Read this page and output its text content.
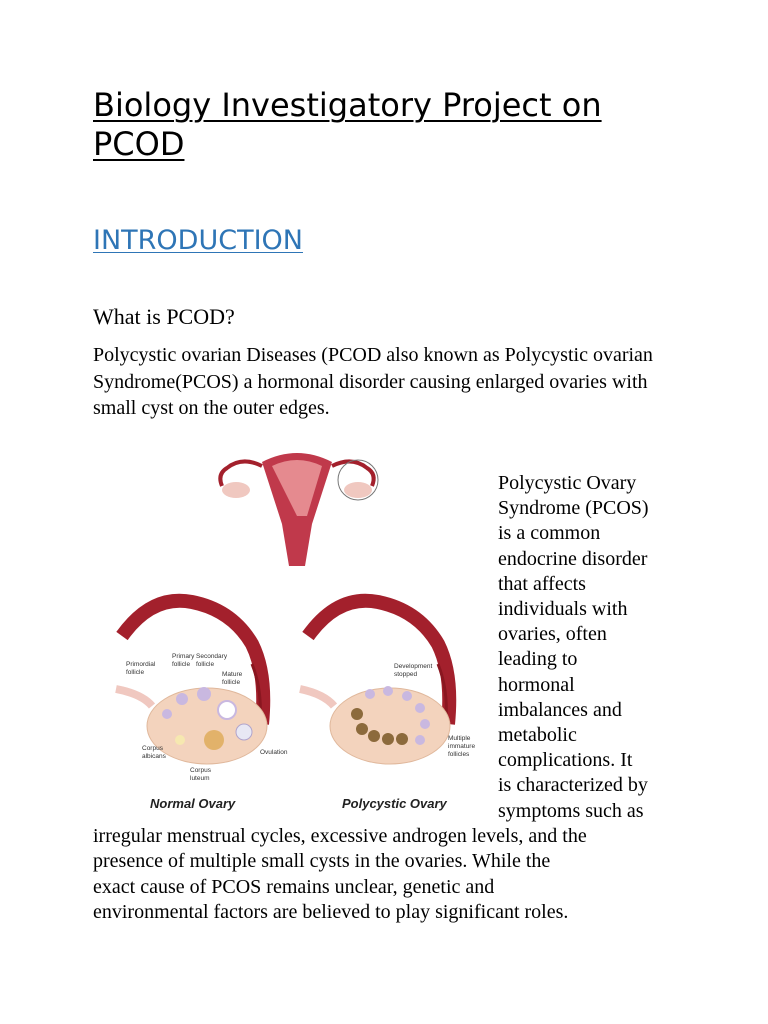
Biology Investigatory Project on PCOD
INTRODUCTION
What is PCOD?

Polycystic ovarian Diseases (PCOD also known as Polycystic ovarian Syndrome(PCOS) a hormonal disorder causing enlarged ovaries with small cyst on the outer edges.

Primary
follicle
Secondary
follicle
Primordial
follicle	Mature
follicle
Corpus
albicans
Corpus
luteum
Ovulation
Normal Ovary
Development
stopped
Multiple
immature
follicles
Polycystic Ovary
Polycystic Ovary
Syndrome (PCOS)
is a common
endocrine disorder
that affects
individuals with
ovaries, often
leading to
hormonal
imbalances and
metabolic
complications. It
is characterized by
symptoms such as
irregular menstrual cycles, excessive androgen levels, and the
presence of multiple small cysts in the ovaries. While the
exact cause of PCOS remains unclear, genetic and
environmental factors are believed to play significant roles.
